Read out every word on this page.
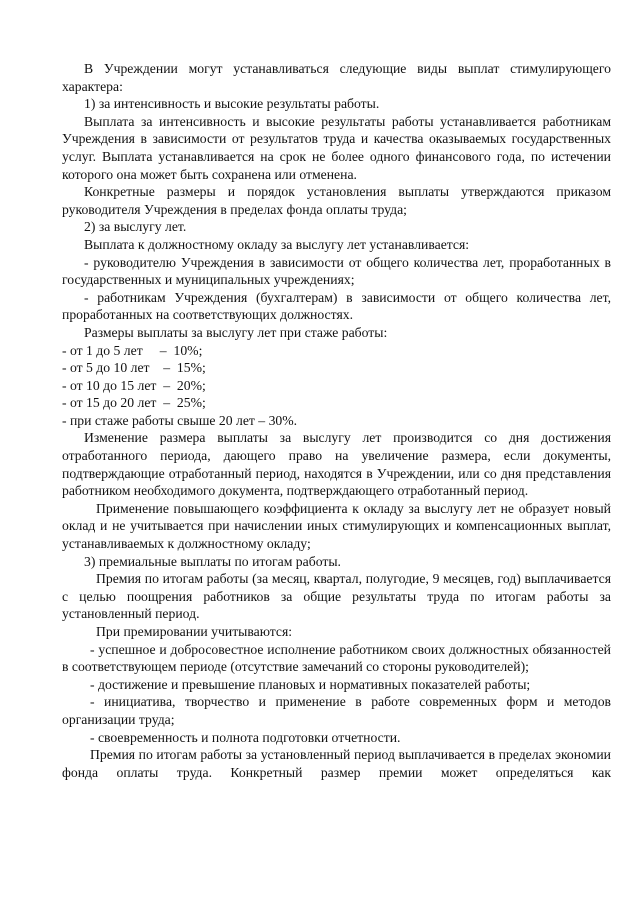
В Учреждении могут устанавливаться следующие виды выплат стимулирующего характера:

1) за интенсивность и высокие результаты работы.

Выплата за интенсивность и высокие результаты работы устанавливается работникам Учреждения в зависимости от результатов труда и качества оказываемых государственных услуг. Выплата устанавливается на срок не более одного финансового года, по истечении которого она может быть сохранена или отменена.

Конкретные размеры и порядок установления выплаты утверждаются приказом руководителя Учреждения в пределах фонда оплаты труда;

2) за выслугу лет.

Выплата к должностному окладу за выслугу лет устанавливается:

- руководителю Учреждения в зависимости от общего количества лет, проработанных в государственных и муниципальных учреждениях;

- работникам Учреждения (бухгалтерам) в зависимости от общего количества лет, проработанных на соответствующих должностях.

Размеры выплаты за выслугу лет при стаже работы:

- от 1 до 5 лет     –  10%;

- от 5 до 10 лет    –  15%;

- от 10 до 15 лет  –  20%;

- от 15 до 20 лет  –  25%;

- при стаже работы свыше 20 лет – 30%.

Изменение размера выплаты за выслугу лет производится со дня достижения отработанного периода, дающего право на увеличение размера, если документы, подтверждающие отработанный период, находятся в Учреждении, или со дня представления работником необходимого документа, подтверждающего отработанный период.

Применение повышающего коэффициента к окладу за выслугу лет не образует новый оклад и не учитывается при начислении иных стимулирующих и компенсационных выплат, устанавливаемых к должностному окладу;

3) премиальные выплаты по итогам работы.

Премия по итогам работы (за месяц, квартал, полугодие, 9 месяцев, год) выплачивается с целью поощрения работников за общие результаты труда по итогам работы за установленный период.

При премировании учитываются:

- успешное и добросовестное исполнение работником своих должностных обязанностей в соответствующем периоде (отсутствие замечаний со стороны руководителей);

- достижение и превышение плановых и нормативных показателей работы;

- инициатива, творчество и применение в работе современных форм и методов организации труда;

- своевременность и полнота подготовки отчетности.

Премия по итогам работы за установленный период выплачивается в пределах экономии фонда оплаты труда. Конкретный размер премии может определяться как
